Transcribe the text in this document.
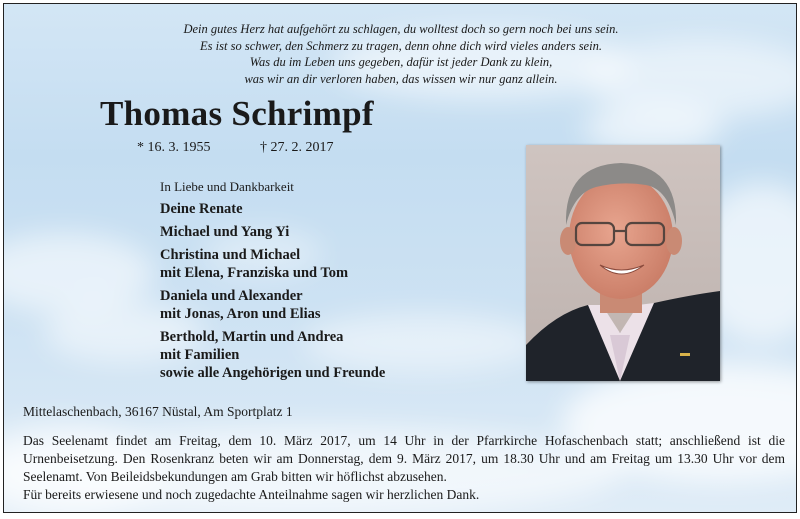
Dein gutes Herz hat aufgehört zu schlagen, du wolltest doch so gern noch bei uns sein.
Es ist so schwer, den Schmerz zu tragen, denn ohne dich wird vieles anders sein.
Was du im Leben uns gegeben, dafür ist jeder Dank zu klein,
was wir an dir verloren haben, das wissen wir nur ganz allein.
Thomas Schrimpf
* 16. 3. 1955	† 27. 2. 2017
In Liebe und Dankbarkeit
Deine Renate
Michael und Yang Yi
Christina und Michael
mit Elena, Franziska und Tom
Daniela und Alexander
mit Jonas, Aron und Elias
Berthold, Martin und Andrea
mit Familien
sowie alle Angehörigen und Freunde
Mittelaschenbach, 36167 Nüstal, Am Sportplatz 1
Das Seelenamt findet am Freitag, dem 10. März 2017, um 14 Uhr in der Pfarrkirche Hofaschenbach statt; anschließend ist die Urnenbeisetzung. Den Rosenkranz beten wir am Donnerstag, dem 9. März 2017, um 18.30 Uhr und am Freitag um 13.30 Uhr vor dem Seelenamt. Von Beileidsbekundungen am Grab bitten wir höflichst abzusehen.
Für bereits erwiesene und noch zugedachte Anteilnahme sagen wir herzlichen Dank.
